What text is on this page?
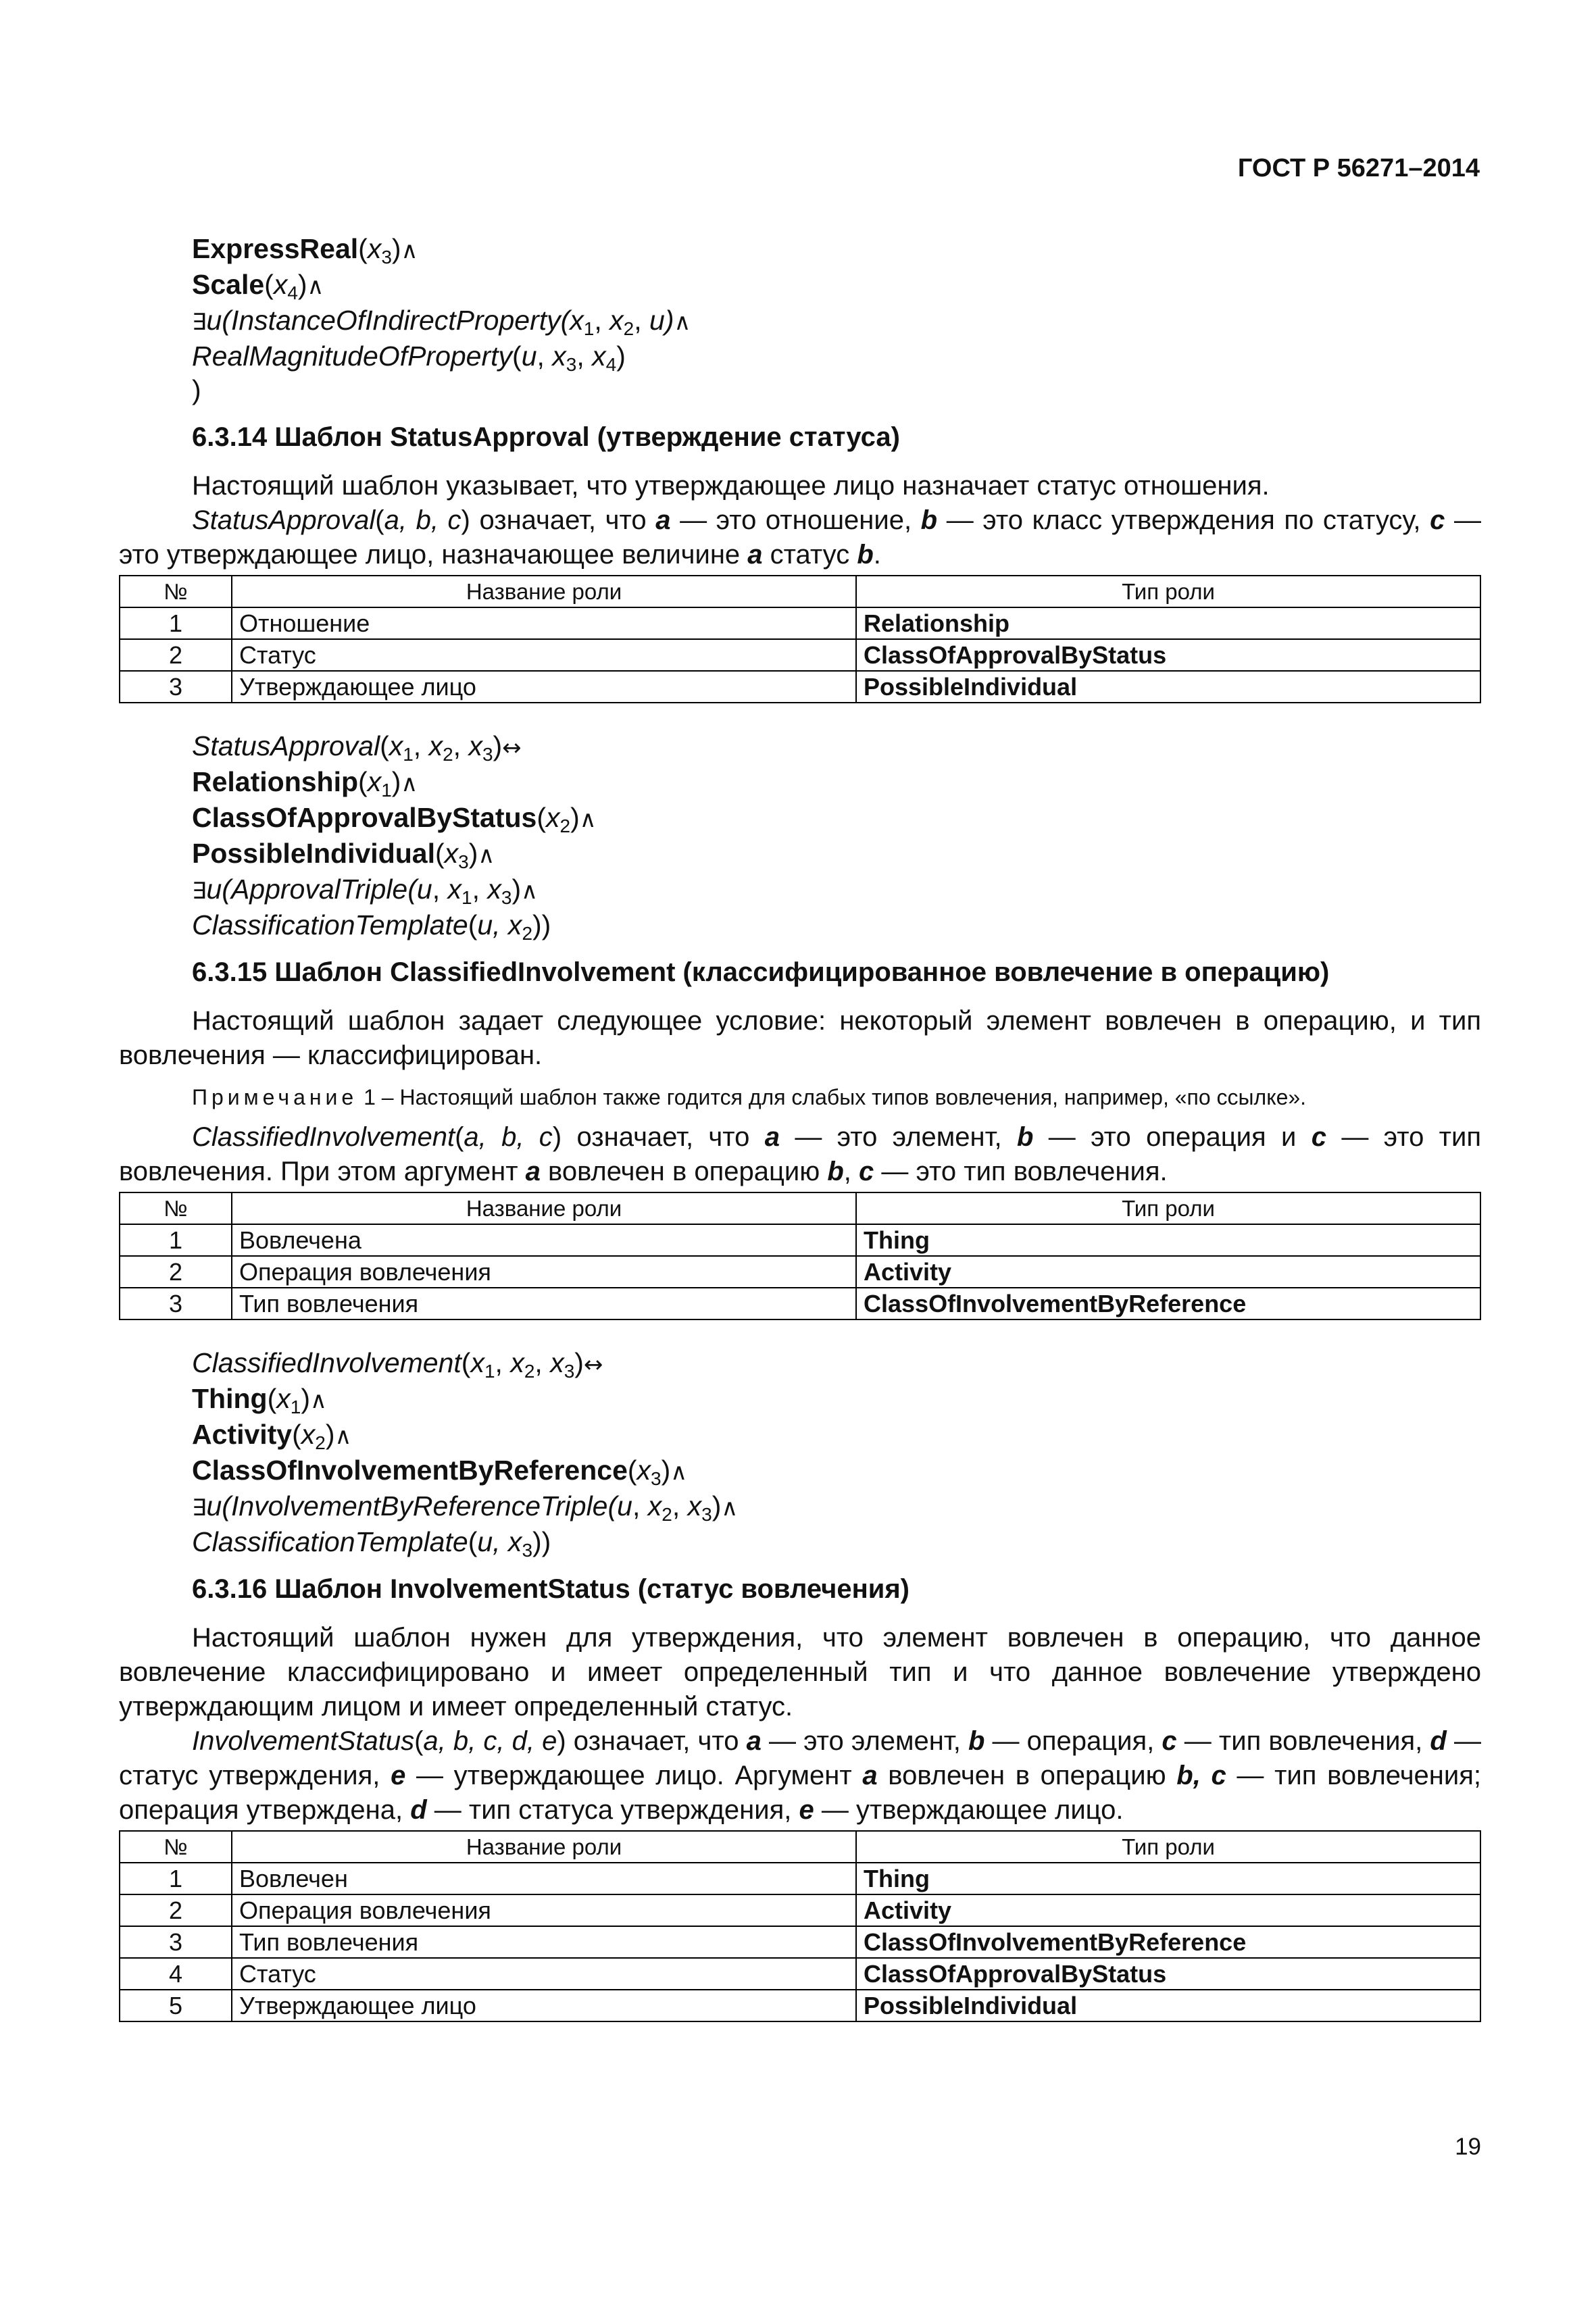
ГОСТ Р 56271–2014
$ExpressReal(x_3)\wedge$
$Scale(x_4)\wedge$
$\exists u(InstanceOfIndirectProperty(x_1$, $x_2$, u)∧
RealMagnitudeOfProperty(u, $x_3$, $x_4$)
)
6.3.14 Шаблон StatusApproval (утверждение статуса)

Настоящий шаблон указывает, что утверждающее лицо назначает статус отношения.

StatusApproval(a, b, c) означает, что a — это отношение, b — это класс утверждения по статусу, c — это утверждающее лицо, назначающее величине a статус b.

№	Название роли	Тип роли
1	Отношение	Relationship
2	Статус	ClassOfApprovalByStatus
3	Утверждающее лицо	PossibleIndividual
$StatusApproval(x_1$, $x_2$, $x_3)\leftrightarrow$
$Relationship(x_1)\wedge$
$ClassOfApprovalByStatus(x_2)\wedge$
$PossibleIndividual(x_3)\wedge$
∃u(ApprovalTriple(u, $x_1$, $x_3)\wedge$
ClassificationTemplate(u, $x_2$))
6.3.15 Шаблон ClassifiedInvolvement (классифицированное вовлечение в операцию)

Настоящий шаблон задает следующее условие: некоторый элемент вовлечен в операцию, и тип вовлечения — классифицирован.

Примечание 1 – Настоящий шаблон также годится для слабых типов вовлечения, например, «по ссылке».

ClassifiedInvolvement(a, b, c) означает, что a — это элемент, b — это операция и c — это тип вовлечения. При этом аргумент a вовлечен в операцию b, c — это тип вовлечения.

№	Название роли	Тип роли
1	Вовлечена	Thing
2	Операция вовлечения	Activity
3	Тип вовлечения	ClassOfInvolvementByReference
$ClassifiedInvolvement(x_1$, $x_2$, $x_3)\leftrightarrow$
$Thing(x_1)\wedge$
$Activity(x_2)\wedge$
$ClassOfInvolvementByReference(x_3)\wedge$
∃u(InvolvementByReferenceTriple(u, $x_2$, $x_3)\wedge$
ClassificationTemplate(u, $x_3$))
6.3.16 Шаблон InvolvementStatus (статус вовлечения)

Настоящий шаблон нужен для утверждения, что элемент вовлечен в операцию, что данное вовлечение классифицировано и имеет определенный тип и что данное вовлечение утверждено утверждающим лицом и имеет определенный статус.

InvolvementStatus(a, b, c, d, e) означает, что a — это элемент, b — операция, c — тип вовлечения, d — статус утверждения, e — утверждающее лицо. Аргумент a вовлечен в операцию b, c — тип вовлечения; операция утверждена, d — тип статуса утверждения, e — утверждающее лицо.

№	Название роли	Тип роли
1	Вовлечен	Thing
2	Операция вовлечения	Activity
3	Тип вовлечения	ClassOfInvolvementByReference
4	Статус	ClassOfApprovalByStatus
5	Утверждающее лицо	PossibleIndividual
19
